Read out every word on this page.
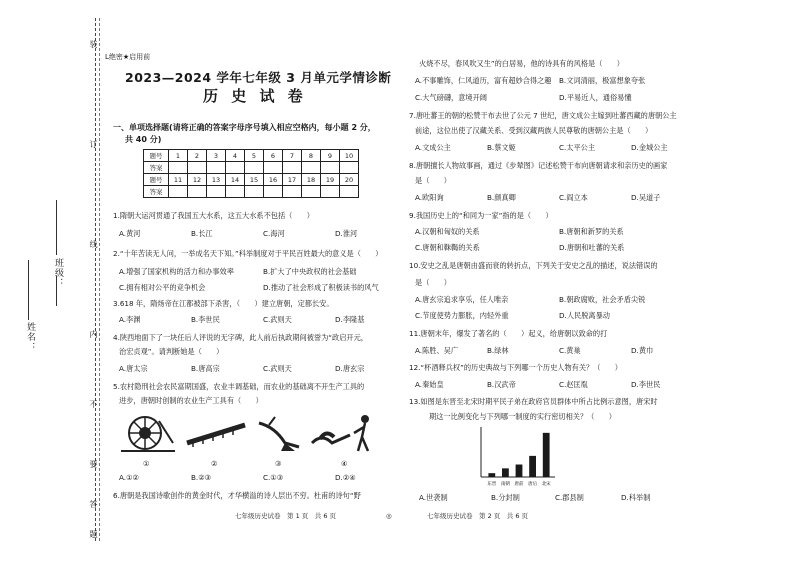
班级：
姓名：
装
订
线
内
不
要
答
题
L绝密★启用前
2023—2024 学年七年级 3 月单元学情诊断
历 史 试 卷
一、单项选择题(请将正确的答案字母序号填入相应空格内，每小题 2 分，
共 40 分)
题号	1	2	3	4	5	6	7	8	9	10
答案										
题号	11	12	13	14	15	16	17	18	19	20
答案										
1.隋朝大运河贯通了我国五大水系，这五大水系不包括（　　）
A.黄河	B.长江	C.海河	D.淮河
2.“十年苦读无人问，一举成名天下知。”科举制度对于平民百姓最大的意义是（　　）
A.增强了国家机构的活力和办事效率	B.扩大了中央政权的社会基础
C.拥有相对公平的竞争机会	D.推动了社会形成了积极读书的风气
3.618 年，隋炀帝在江都被部下杀害，（　　）建立唐朝，定都长安。
A.李渊	B.李世民	C.武则天	D.李隆基
4.陕西地面下了一块任后人评说的无字碑，此人前后执政期间被誉为“政启开元，
治宏贞观”。请判断她是（　　）
A.唐太宗	B.唐高宗	C.武则天	D.唐玄宗
5.农村隐刑社会农民富期国盛，农业丰调基础，而农业的基础离不开生产工具的
进步，唐朝时创制的农业生产工具有（　　）
①	②	③	④
A.①②	B.②③	C.①③	D.②④
6.唐朝是我国诗歌创作的黄金时代，才华横溢的诗人层出不穷。杜甫的诗句“野
七年级历史试卷　第 1 页　共 6 页	◎
火烧不尽，春风吹又生”的白居易，他的诗具有的风格是（　　）
A.不事雕饰，仁风道历，富有超妙合得之趣 B.文词清丽，极富想象夸张
C.大气磅礴，意境开阔	D.平易近人，通俗易懂
7.唐吐蕃王的朝的松赞干布去世了公元 7 世纪，唐文成公主嫁到吐蕃西藏的唐朝公主
前途，这位出使了汉藏关系、受到汉藏两族人民尊敬的唐朝公主是（　　）
A.文成公主	B.蔡文姬	C.太平公主	D.金城公主
8.唐朝擅长人物故事画，通过《步辇图》记述松赞干布向唐朝请求和亲历史的画家
是（　　）
A.欧阳询	B.颜真卿	C.阎立本	D.吴道子
9.我国历史上的“和同为一家”指的是（　　）
A.汉朝和匈奴的关系	B.唐朝和新罗的关系
C.唐朝和靺鞨的关系	D.唐朝和吐蕃的关系
10.安史之乱是唐朝由盛而衰的转折点，下列关于安史之乱的描述，说法错误的
是（　　）
A.唐玄宗追求享乐，任人唯亲	B.朝政腐败，社会矛盾尖锐
C.节度使势力膨胀，内轻外重	D.人民脱离暴动
11.唐朝末年，爆发了著名的（　　）起义，给唐朝以致命的打
A.陈胜、吴广	B.绿林	C.黄巢	D.黄巾
12.“杯酒释兵权”的历史典故与下列哪一个历史人物有关？（　　）
A.秦始皇	B.汉武帝	C.赵匡胤	D.李世民
13.如图是东晋至北宋时期平民子弟在政府官员群体中所占比例示意图，唐宋时
期这一比例变化与下列哪一制度的实行密切相关？（　　）
东晋 南朝 唐前 唐后 北宋
A.世袭制	B.分封制	C.郡县制	D.科举制
七年级历史试卷　第 2 页　共 6 页
